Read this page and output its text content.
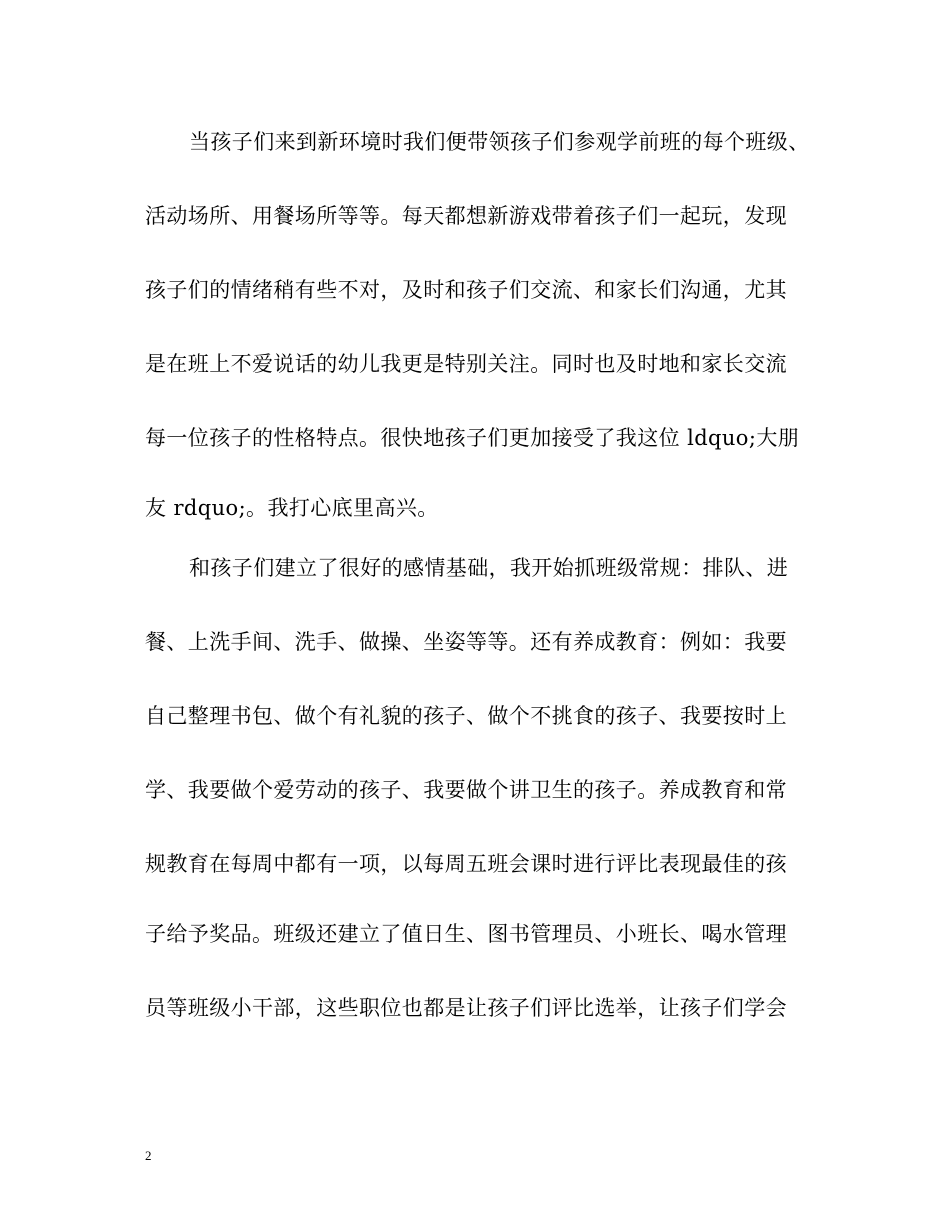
当孩子们来到新环境时我们便带领孩子们参观学前班的每个班级、
活动场所、用餐场所等等。每天都想新游戏带着孩子们一起玩，发现
孩子们的情绪稍有些不对，及时和孩子们交流、和家长们沟通，尤其
是在班上不爱说话的幼儿我更是特别关注。同时也及时地和家长交流
每一位孩子的性格特点。很快地孩子们更加接受了我这位 ldquo;大朋
友 rdquo;。我打心底里高兴。
和孩子们建立了很好的感情基础，我开始抓班级常规：排队、进
餐、上洗手间、洗手、做操、坐姿等等。还有养成教育：例如：我要
自己整理书包、做个有礼貌的孩子、做个不挑食的孩子、我要按时上
学、我要做个爱劳动的孩子、我要做个讲卫生的孩子。养成教育和常
规教育在每周中都有一项，以每周五班会课时进行评比表现最佳的孩
子给予奖品。班级还建立了值日生、图书管理员、小班长、喝水管理
员等班级小干部，这些职位也都是让孩子们评比选举，让孩子们学会
2
